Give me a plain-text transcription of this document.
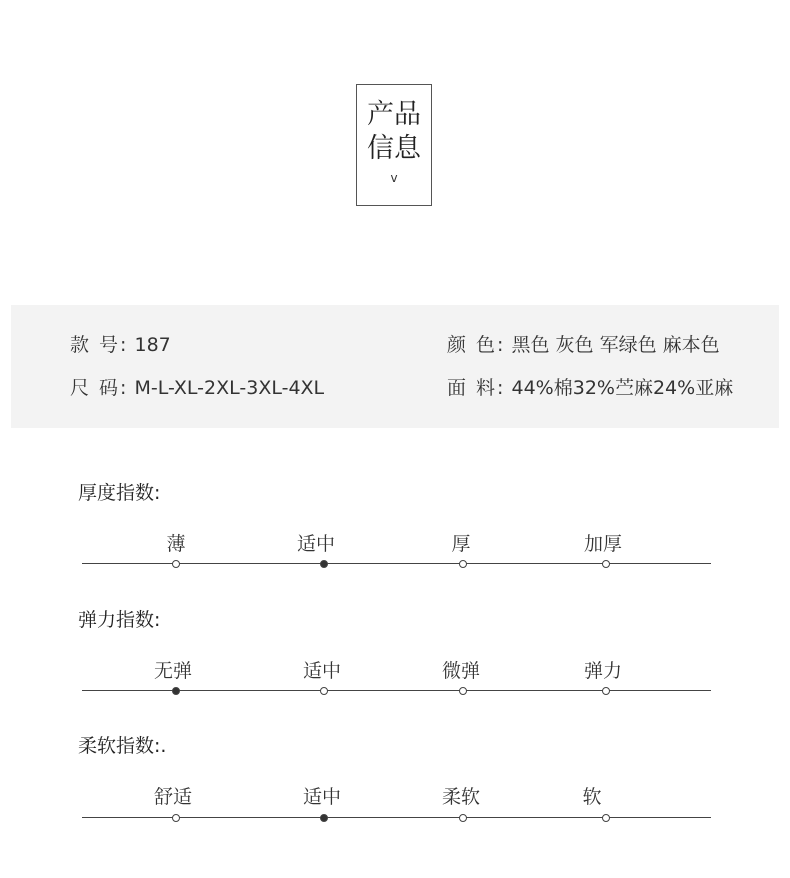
产品
信息
v
款 号: 187	颜 色: 黑色 灰色 军绿色 麻本色
尺 码: M-L-XL-2XL-3XL-4XL	面 料: 44%棉32%苎麻24%亚麻
厚度指数:
薄	适中	厚	加厚
弹力指数:
无弹	适中	微弹	弹力
柔软指数:.
舒适	适中	柔软	软
